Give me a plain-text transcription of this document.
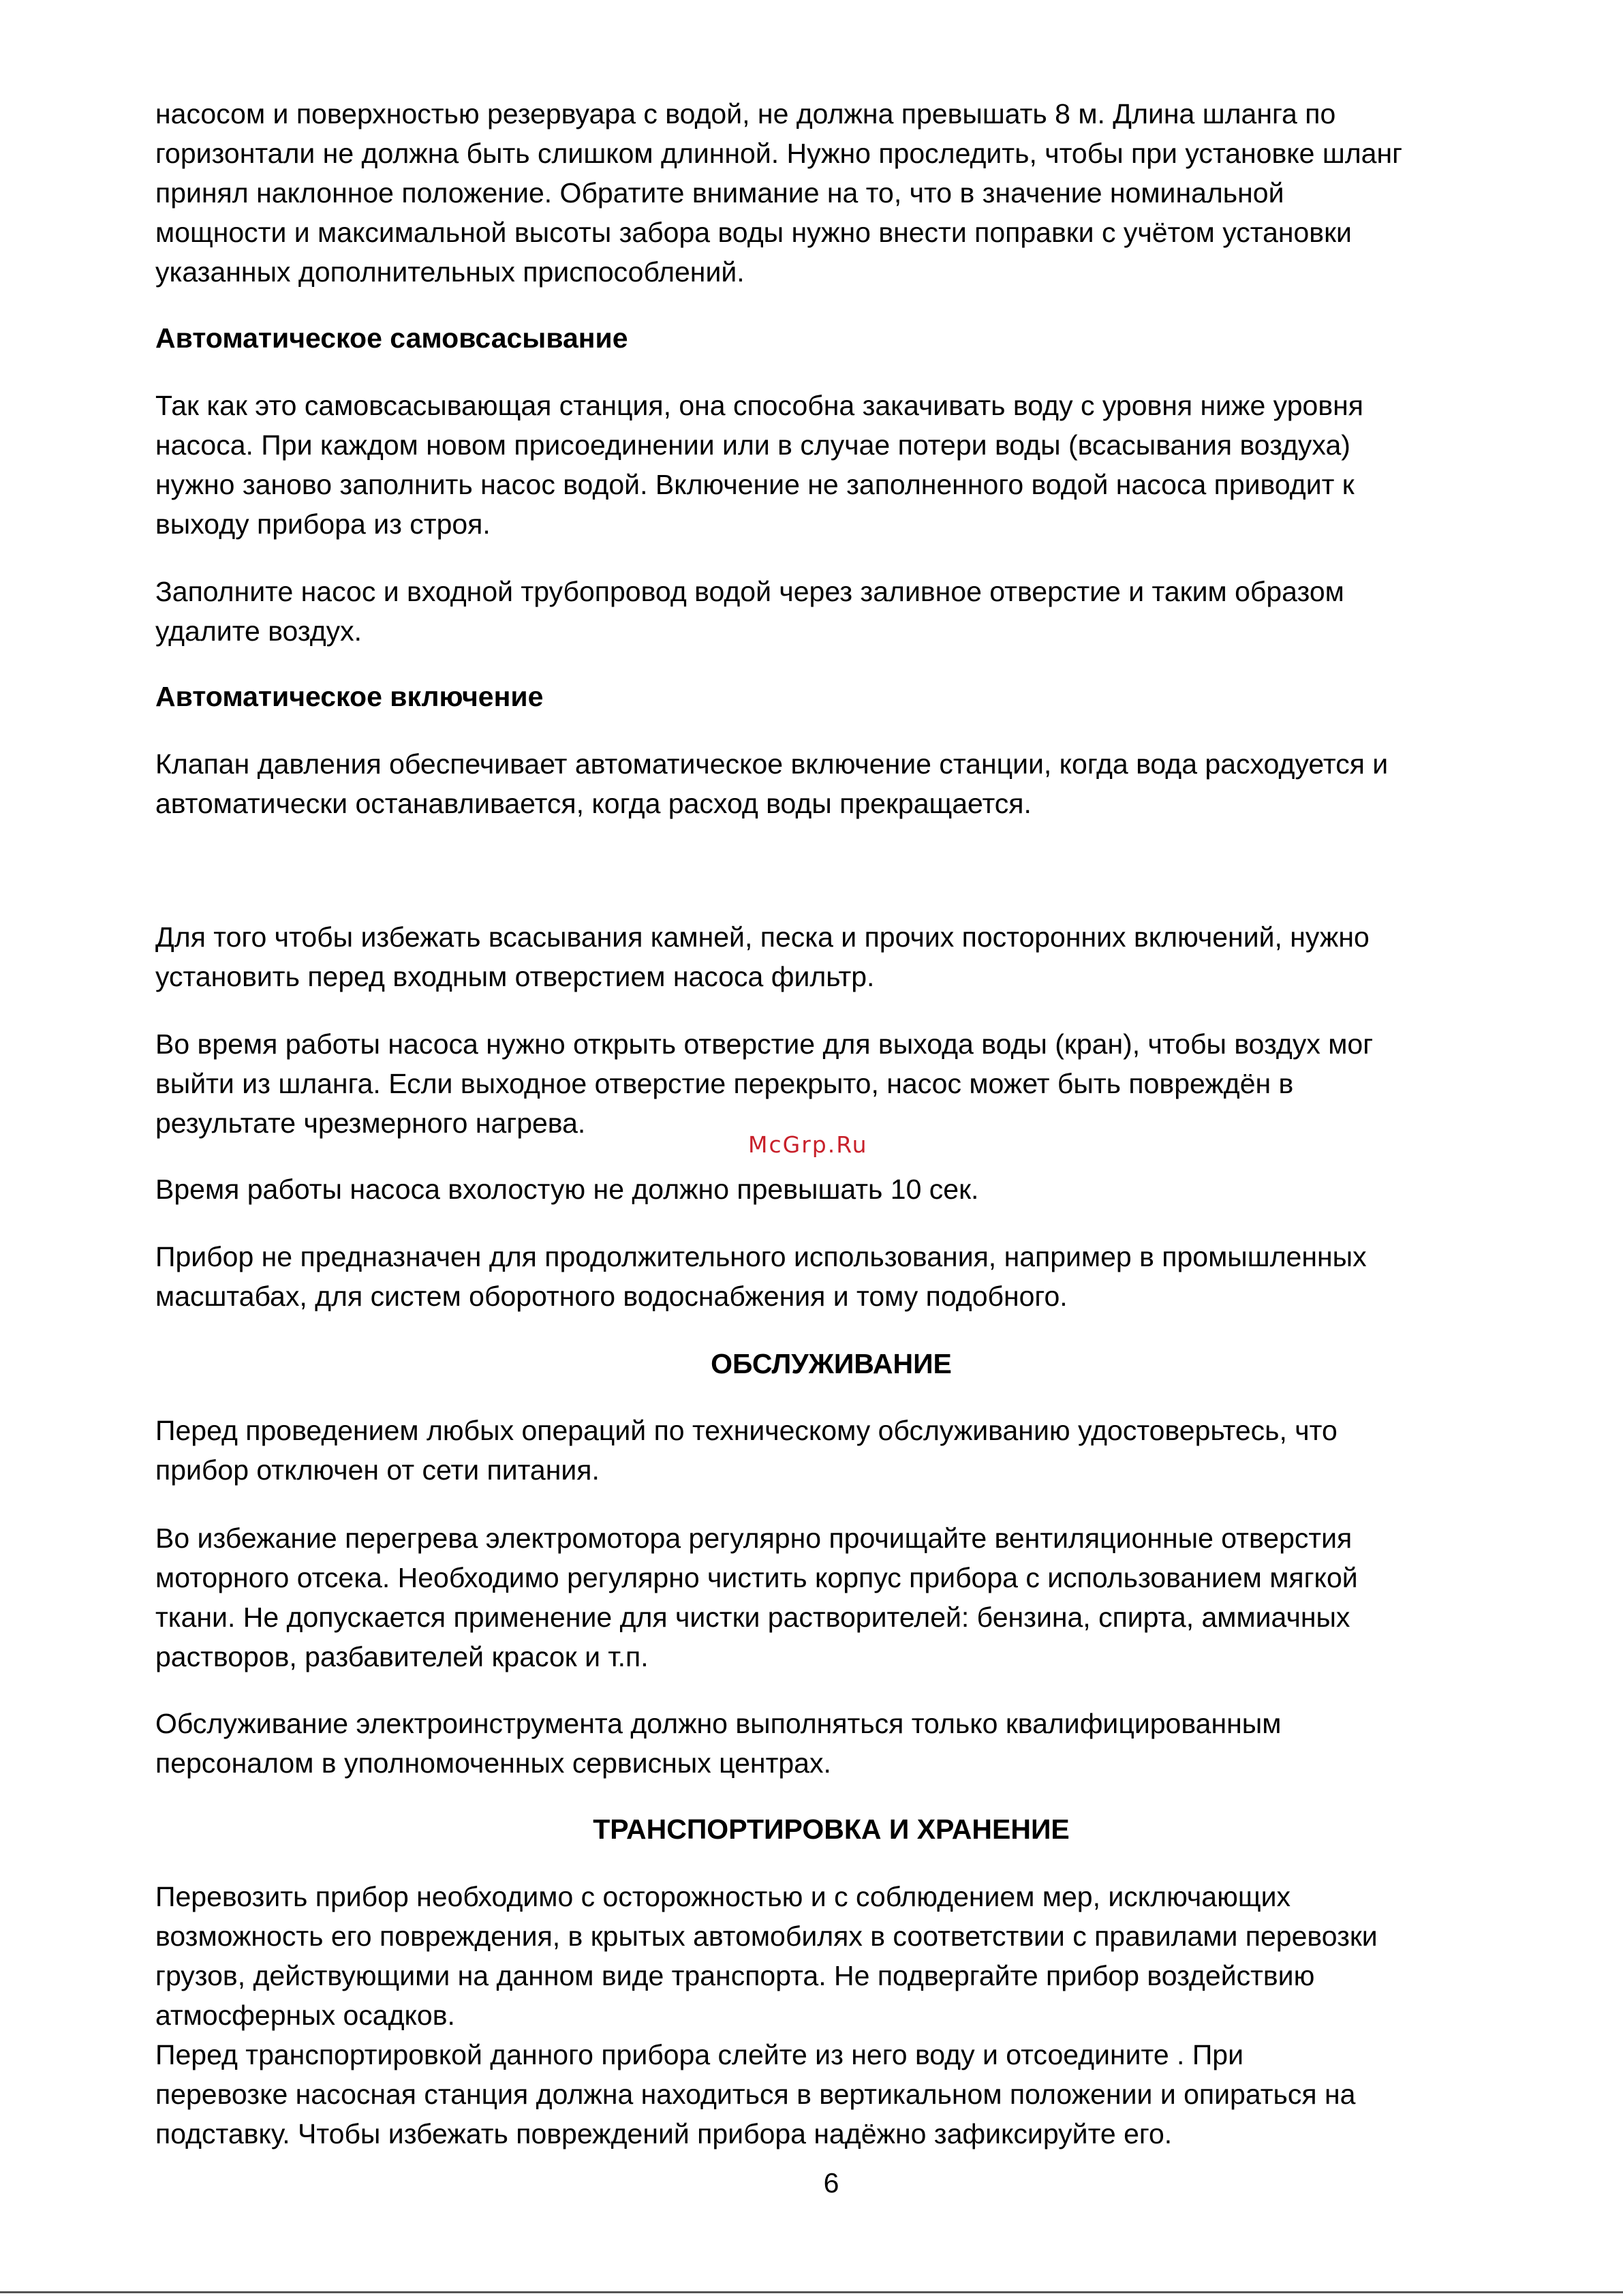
насосом и поверхностью резервуара с водой, не должна превышать 8 м. Длина шланга по
горизонтали не должна быть слишком длинной. Нужно проследить, чтобы при установке шланг
принял наклонное положение. Обратите внимание на то, что в значение номинальной
мощности и максимальной высоты забора воды нужно внести поправки с учётом установки
указанных дополнительных приспособлений.
Автоматическое самовсасывание
Так как это самовсасывающая станция, она способна закачивать воду с уровня ниже уровня
насоса. При каждом новом присоединении или в случае потери воды (всасывания воздуха)
нужно заново заполнить насос водой. Включение не заполненного водой насоса приводит к
выходу прибора из строя.
Заполните насос и входной трубопровод водой через заливное отверстие и таким образом
удалите воздух.
Автоматическое включение
Клапан давления обеспечивает автоматическое включение станции, когда вода расходуется и
автоматически останавливается, когда расход воды прекращается.
Для того чтобы избежать всасывания камней, песка и прочих посторонних включений, нужно
установить перед входным отверстием насоса фильтр.
Во время работы насоса нужно открыть отверстие для выхода воды (кран), чтобы воздух мог
выйти из шланга. Если выходное отверстие перекрыто, насос может быть повреждён в
результате чрезмерного нагрева.
McGrp.Ru
Время работы насоса вхолостую не должно превышать 10 сек.
Прибор не предназначен для продолжительного использования, например в промышленных
масштабах, для систем оборотного водоснабжения и тому подобного.
ОБСЛУЖИВАНИЕ
Перед проведением любых операций по техническому обслуживанию удостоверьтесь, что
прибор отключен от сети питания.
Во избежание перегрева электромотора регулярно прочищайте вентиляционные отверстия
моторного отсека. Необходимо регулярно чистить корпус прибора с использованием мягкой
ткани. Не допускается применение для чистки растворителей: бензина, спирта, аммиачных
растворов, разбавителей красок и т.п.
Обслуживание электроинструмента должно выполняться только квалифицированным
персоналом в уполномоченных сервисных центрах.
ТРАНСПОРТИРОВКА И ХРАНЕНИЕ
Перевозить прибор необходимо с осторожностью и с соблюдением мер, исключающих
возможность его повреждения, в крытых автомобилях в соответствии с правилами перевозки
грузов, действующими на данном виде транспорта. Не подвергайте прибор воздействию
атмосферных осадков.
Перед транспортировкой данного прибора слейте из него воду и отсоедините . При
перевозке насосная станция должна находиться в вертикальном положении и опираться на
подставку. Чтобы избежать повреждений прибора надёжно зафиксируйте его.
6
